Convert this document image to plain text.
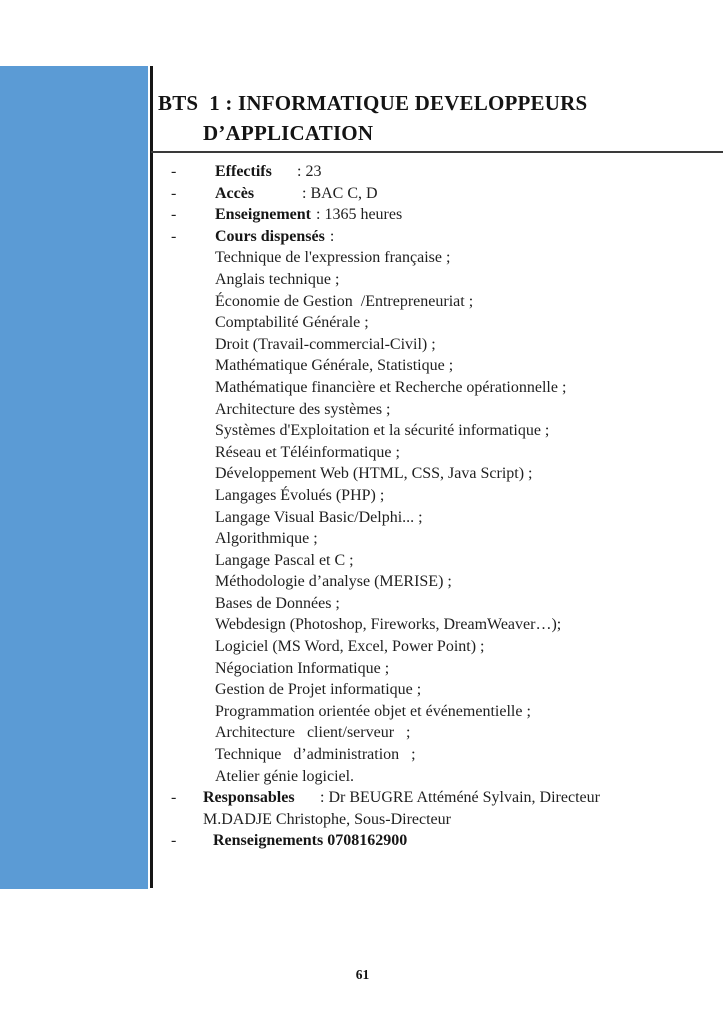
BTS  1 : INFORMATIQUE DEVELOPPEURS
D’APPLICATION
-	Effectifs : 23
-	Accès	: BAC C, D
-	Enseignement : 1365 heures
-	Cours dispensés :
Technique de l'expression française ;
Anglais technique ;
Économie de Gestion  /Entrepreneuriat ;
Comptabilité Générale ;
Droit (Travail-commercial-Civil) ;
Mathématique Générale, Statistique ;
Mathématique financière et Recherche opérationnelle ;
Architecture des systèmes ;
Systèmes d'Exploitation et la sécurité informatique ;
Réseau et Téléinformatique ;
Développement Web (HTML, CSS, Java Script) ;
Langages Évolués (PHP) ;
Langage Visual Basic/Delphi... ;
Algorithmique ;
Langage Pascal et C ;
Méthodologie d’analyse (MERISE) ;
Bases de Données ;
Webdesign (Photoshop, Fireworks, DreamWeaver…);
Logiciel (MS Word, Excel, Power Point) ;
Négociation Informatique ;
Gestion de Projet informatique ;
Programmation orientée objet et événementielle ;
Architecture   client/serveur   ;
Technique   d’administration   ;
Atelier génie logiciel.
-	Responsables : Dr BEUGRE Attéméné Sylvain, Directeur
M.DADJE Christophe, Sous-Directeur
-	Renseignements 0708162900
61
